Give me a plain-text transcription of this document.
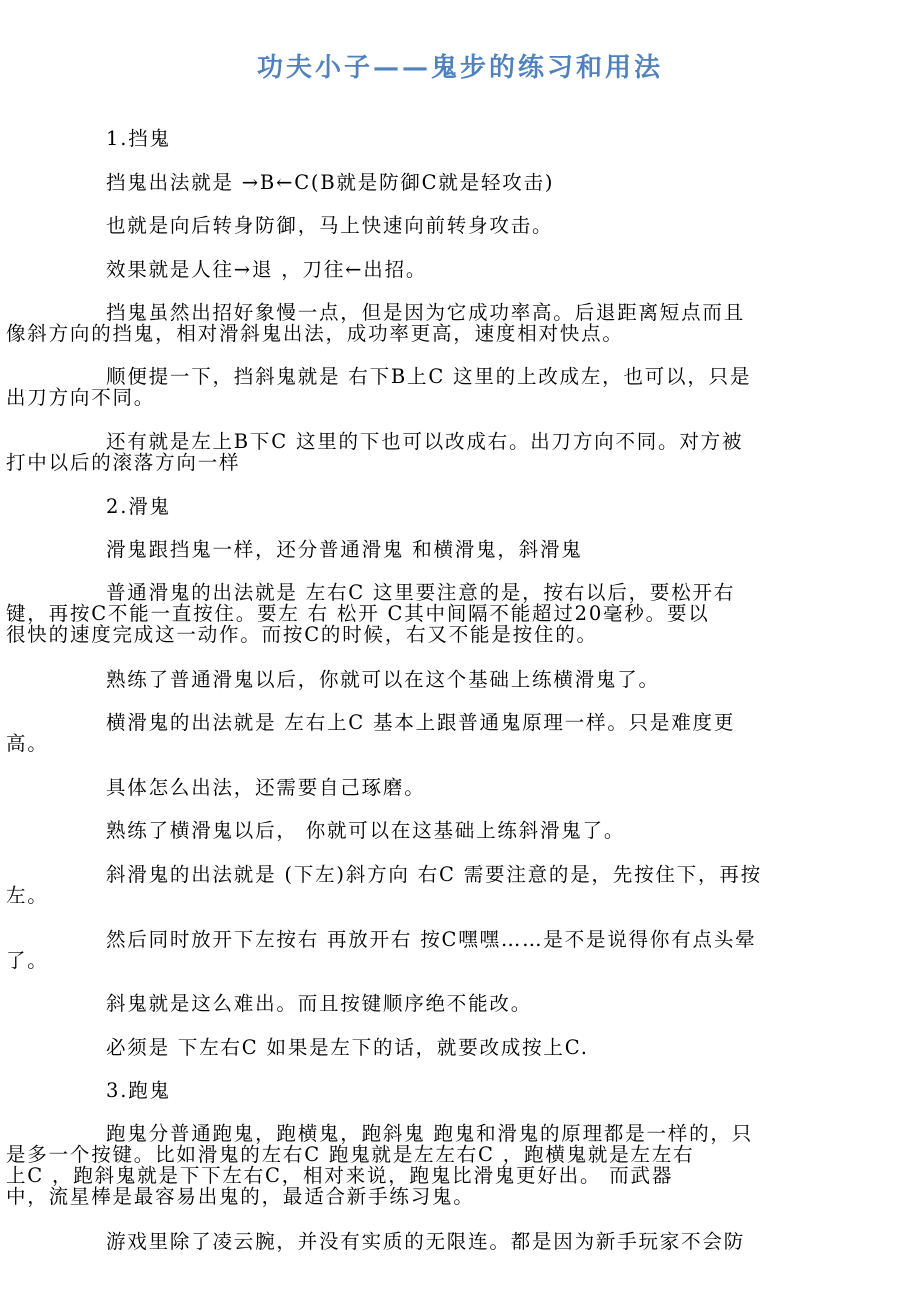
功夫小子——鬼步的练习和用法
1.挡鬼
挡鬼出法就是 →B←C(B就是防御C就是轻攻击)
也就是向后转身防御，马上快速向前转身攻击。
效果就是人往→退 ，刀往←出招。
挡鬼虽然出招好象慢一点，但是因为它成功率高。后退距离短点而且
像斜方向的挡鬼，相对滑斜鬼出法，成功率更高，速度相对快点。
顺便提一下，挡斜鬼就是 右下B上C 这里的上改成左，也可以，只是
出刀方向不同。
还有就是左上B下C 这里的下也可以改成右。出刀方向不同。对方被
打中以后的滚落方向一样
2.滑鬼
滑鬼跟挡鬼一样，还分普通滑鬼 和横滑鬼，斜滑鬼
普通滑鬼的出法就是 左右C 这里要注意的是，按右以后，要松开右
键，再按C不能一直按住。要左 右 松开 C其中间隔不能超过20毫秒。要以
很快的速度完成这一动作。而按C的时候，右又不能是按住的。
熟练了普通滑鬼以后，你就可以在这个基础上练横滑鬼了。
横滑鬼的出法就是 左右上C 基本上跟普通鬼原理一样。只是难度更
高。
具体怎么出法，还需要自己琢磨。
熟练了横滑鬼以后， 你就可以在这基础上练斜滑鬼了。
斜滑鬼的出法就是 (下左)斜方向 右C 需要注意的是，先按住下，再按
左。
然后同时放开下左按右 再放开右 按C嘿嘿……是不是说得你有点头晕
了。
斜鬼就是这么难出。而且按键顺序绝不能改。
必须是 下左右C 如果是左下的话，就要改成按上C.
3.跑鬼
跑鬼分普通跑鬼，跑横鬼，跑斜鬼 跑鬼和滑鬼的原理都是一样的，只
是多一个按键。比如滑鬼的左右C 跑鬼就是左左右C ，跑横鬼就是左左右
上C ，跑斜鬼就是下下左右C，相对来说，跑鬼比滑鬼更好出。 而武器
中，流星棒是最容易出鬼的，最适合新手练习鬼。
游戏里除了凌云腕，并没有实质的无限连。都是因为新手玩家不会防
